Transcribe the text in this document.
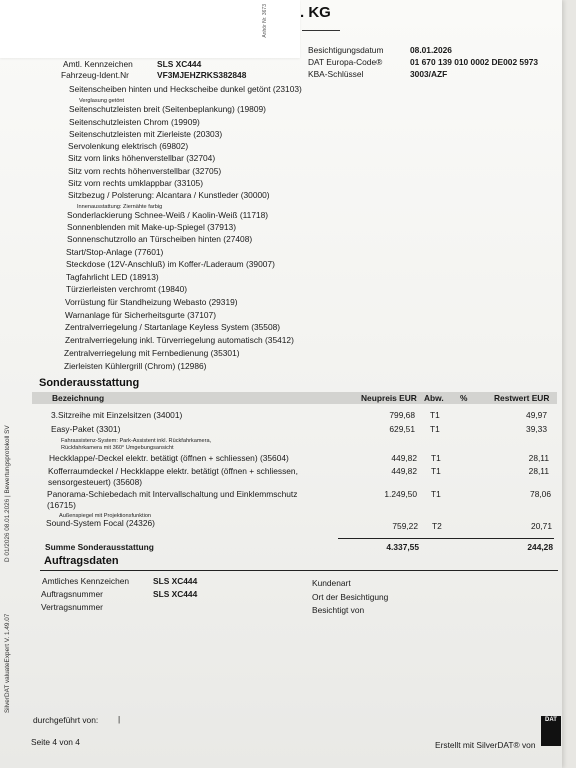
Anhör Nr. 3673 . KG
Amtl. Kennzeichen	SLS XC444
Fahrzeug-Ident.Nr	VF3MJEHZRKS382848
Besichtigungsdatum	08.01.2026
DAT Europa-Code®	01 670 139 010 0002 DE002 5973
KBA-Schlüssel	3003/AZF
Seitenscheiben hinten und Heckscheibe dunkel getönt (23103)
Verglasung getönt
Seitenschutzleisten breit (Seitenbeplankung) (19809)
Seitenschutzleisten Chrom (19909)
Seitenschutzleisten mit Zierleiste (20303)
Servolenkung elektrisch (69802)
Sitz vorn links höhenverstellbar (32704)
Sitz vorn rechts höhenverstellbar (32705)
Sitz vorn rechts umklappbar (33105)
Sitzbezug / Polsterung: Alcantara / Kunstleder (30000)
Innenausstattung: Ziernähte farbig
Sonderlackierung Schnee-Weiß / Kaolin-Weiß (11718)
Sonnenblenden mit Make-up-Spiegel (37913)
Sonnenschutzrollo an Türscheiben hinten (27408)
Start/Stop-Anlage (77601)
Steckdose (12V-Anschluß) im Koffer-/Laderaum (39007)
Tagfahrlicht LED (18913)
Türzierleisten verchromt (19840)
Vorrüstung für Standheizung Webasto (29319)
Warnanlage für Sicherheitsgurte (37107)
Zentralverriegelung / Startanlage Keyless System (35508)
Zentralverriegelung inkl. Türverriegelung automatisch (35412)
Zentralverriegelung mit Fernbedienung (35301)
Zierleisten Kühlergrill (Chrom) (12986)
Sonderausstattung
Bezeichnung	Neupreis EUR Abw. %	Restwert EUR
3.Sitzreihe mit Einzelsitzen (34001)	799,68 T1	49,97
Easy-Paket (3301)
Fahrassistenz-System: Park-Assistent inkl. Rückfahrkamera,
Rückfahrkamera mit 360° Umgebungsansicht
629,51 T1	39,33
Heckklappe/-Deckel elektr. betätigt (öffnen + schliessen) (35604)	449,82 T1	28,11
Kofferraumdeckel / Heckklappe elektr. betätigt (öffnen + schliessen,
sensorgesteuert) (35608)
449,82 T1	28,11
Panorama-Schiebedach mit Intervallschaltung und Einklemmschutz
(16715)
Außenspiegel mit Projektionsfunktion
1.249,50 T1	78,06
Sound-System Focal (24326)	759,22 T2	20,71
Summe Sonderausstattung	4.337,55	244,28
Auftragsdaten
Amtliches Kennzeichen	SLS XC444
Auftragsnummer	SLS XC444
Vertragsnummer
Kundenart
Ort der Besichtigung
Besichtigt von
D 01/2026 08.01.2026 | Bewertungsprotokoll SV
SilverDAT valuateExpert V. 1.49.07
durchgeführt von: |
Seite 4 von 4	Erstellt mit SilverDAT® von
DAT
